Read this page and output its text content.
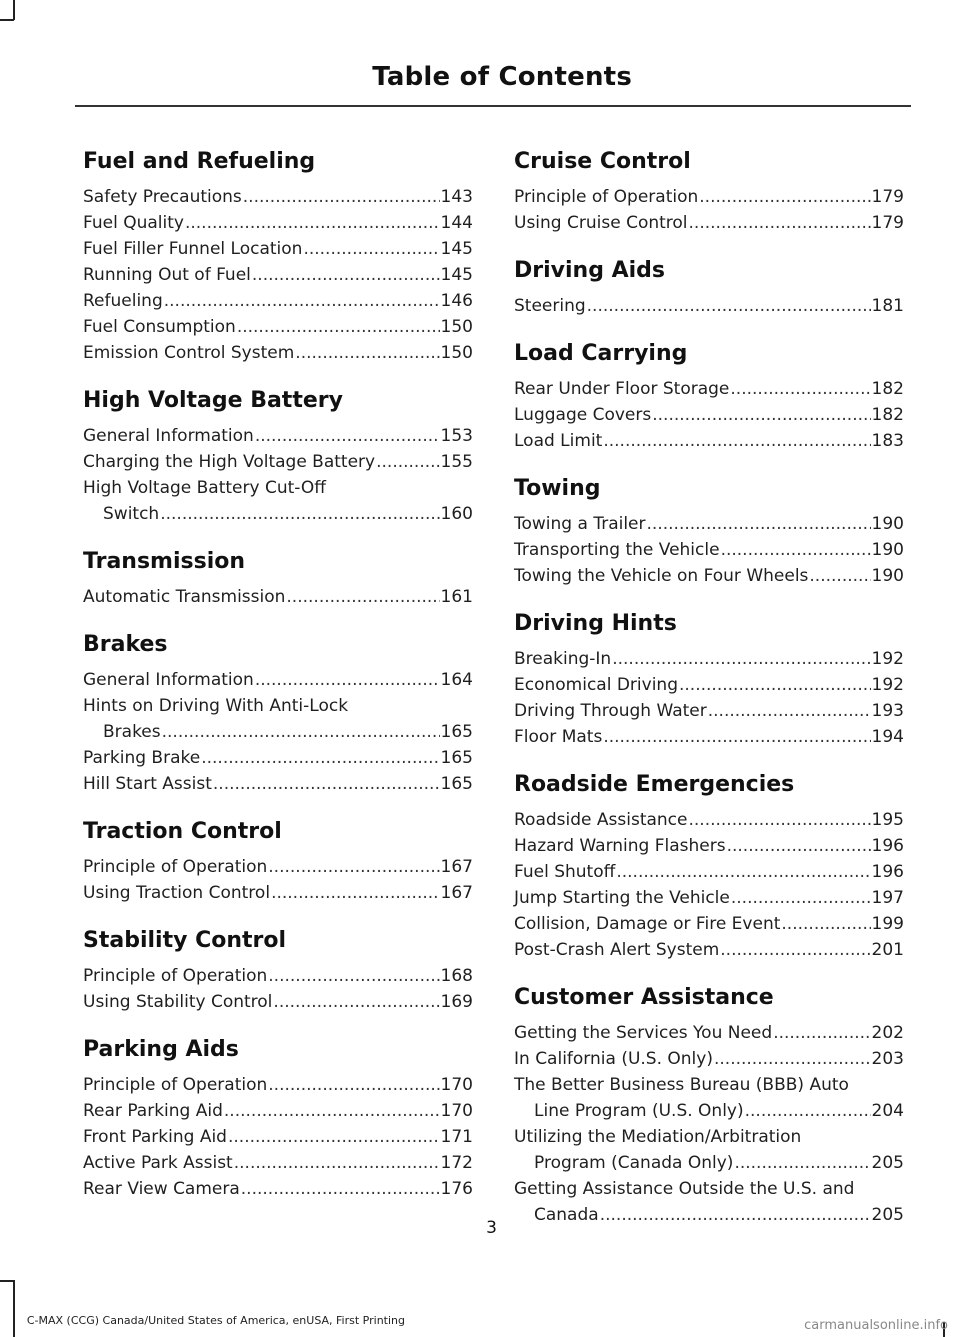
Table of Contents
Fuel and Refueling
Safety Precautions .....	143
Fuel Quality .....	144
Fuel Filler Funnel Location .....	145
Running Out of Fuel .....	145
Refueling .....	146
Fuel Consumption .....	150
Emission Control System .....	150
High Voltage Battery
General Information .....	153
Charging the High Voltage Battery .....	155
High Voltage Battery Cut-Off
Switch .....	160
Transmission
Automatic Transmission .....	161
Brakes
General Information .....	164
Hints on Driving With Anti-Lock
Brakes .....	165
Parking Brake .....	165
Hill Start Assist .....	165
Traction Control
Principle of Operation .....	167
Using Traction Control .....	167
Stability Control
Principle of Operation .....	168
Using Stability Control .....	169
Parking Aids
Principle of Operation .....	170
Rear Parking Aid .....	170
Front Parking Aid .....	171
Active Park Assist .....	172
Rear View Camera .....	176
Cruise Control
Principle of Operation .....	179
Using Cruise Control .....	179
Driving Aids
Steering .....	181
Load Carrying
Rear Under Floor Storage .....	182
Luggage Covers .....	182
Load Limit .....	183
Towing
Towing a Trailer .....	190
Transporting the Vehicle .....	190
Towing the Vehicle on Four Wheels .....	190
Driving Hints
Breaking-In .....	192
Economical Driving .....	192
Driving Through Water .....	193
Floor Mats .....	194
Roadside Emergencies
Roadside Assistance .....	195
Hazard Warning Flashers .....	196
Fuel Shutoff .....	196
Jump Starting the Vehicle .....	197
Collision, Damage or Fire Event .....	199
Post-Crash Alert System .....	201
Customer Assistance
Getting the Services You Need .....	202
In California (U.S. Only) .....	203
The Better Business Bureau (BBB) Auto
Line Program (U.S. Only) .....	204
Utilizing the Mediation/Arbitration
Program (Canada Only) .....	205
Getting Assistance Outside the U.S. and
Canada .....	205
3
C-MAX (CCG) Canada/United States of America, enUSA, First Printing	carmanualsonline.info
